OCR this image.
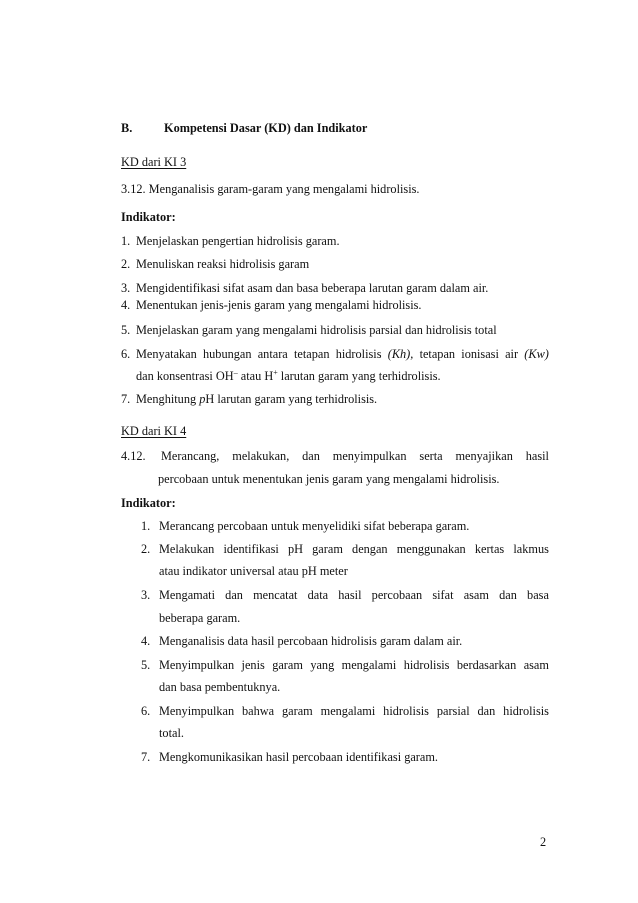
B.	Kompetensi Dasar (KD) dan Indikator
KD dari KI 3
3.12. Menganalisis garam-garam yang mengalami hidrolisis.
Indikator:
1. Menjelaskan pengertian hidrolisis garam.
2. Menuliskan reaksi hidrolisis garam
3. Mengidentifikasi sifat asam dan basa beberapa larutan garam dalam air.
4. Menentukan jenis-jenis garam yang mengalami hidrolisis.
5. Menjelaskan garam yang mengalami hidrolisis parsial dan hidrolisis total
6. Menyatakan hubungan antara tetapan hidrolisis (Kh), tetapan ionisasi air (Kw)
dan konsentrasi OH– atau H+ larutan garam yang terhidrolisis.
7. Menghitung pH larutan garam yang terhidrolisis.
KD dari KI 4
4.12.	Merancang, melakukan, dan menyimpulkan serta menyajikan hasil
percobaan untuk menentukan jenis garam yang mengalami hidrolisis.
Indikator:
1. Merancang percobaan untuk menyelidiki sifat beberapa garam.
2. Melakukan identifikasi pH garam dengan menggunakan kertas lakmus
atau indikator universal atau pH meter
3. Mengamati dan mencatat data hasil percobaan sifat asam dan basa
beberapa garam.
4. Menganalisis data hasil percobaan hidrolisis garam dalam air.
5. Menyimpulkan jenis garam yang mengalami hidrolisis berdasarkan asam
dan basa pembentuknya.
6. Menyimpulkan bahwa garam mengalami hidrolisis parsial dan hidrolisis
total.
7. Mengkomunikasikan hasil percobaan identifikasi garam.
2
